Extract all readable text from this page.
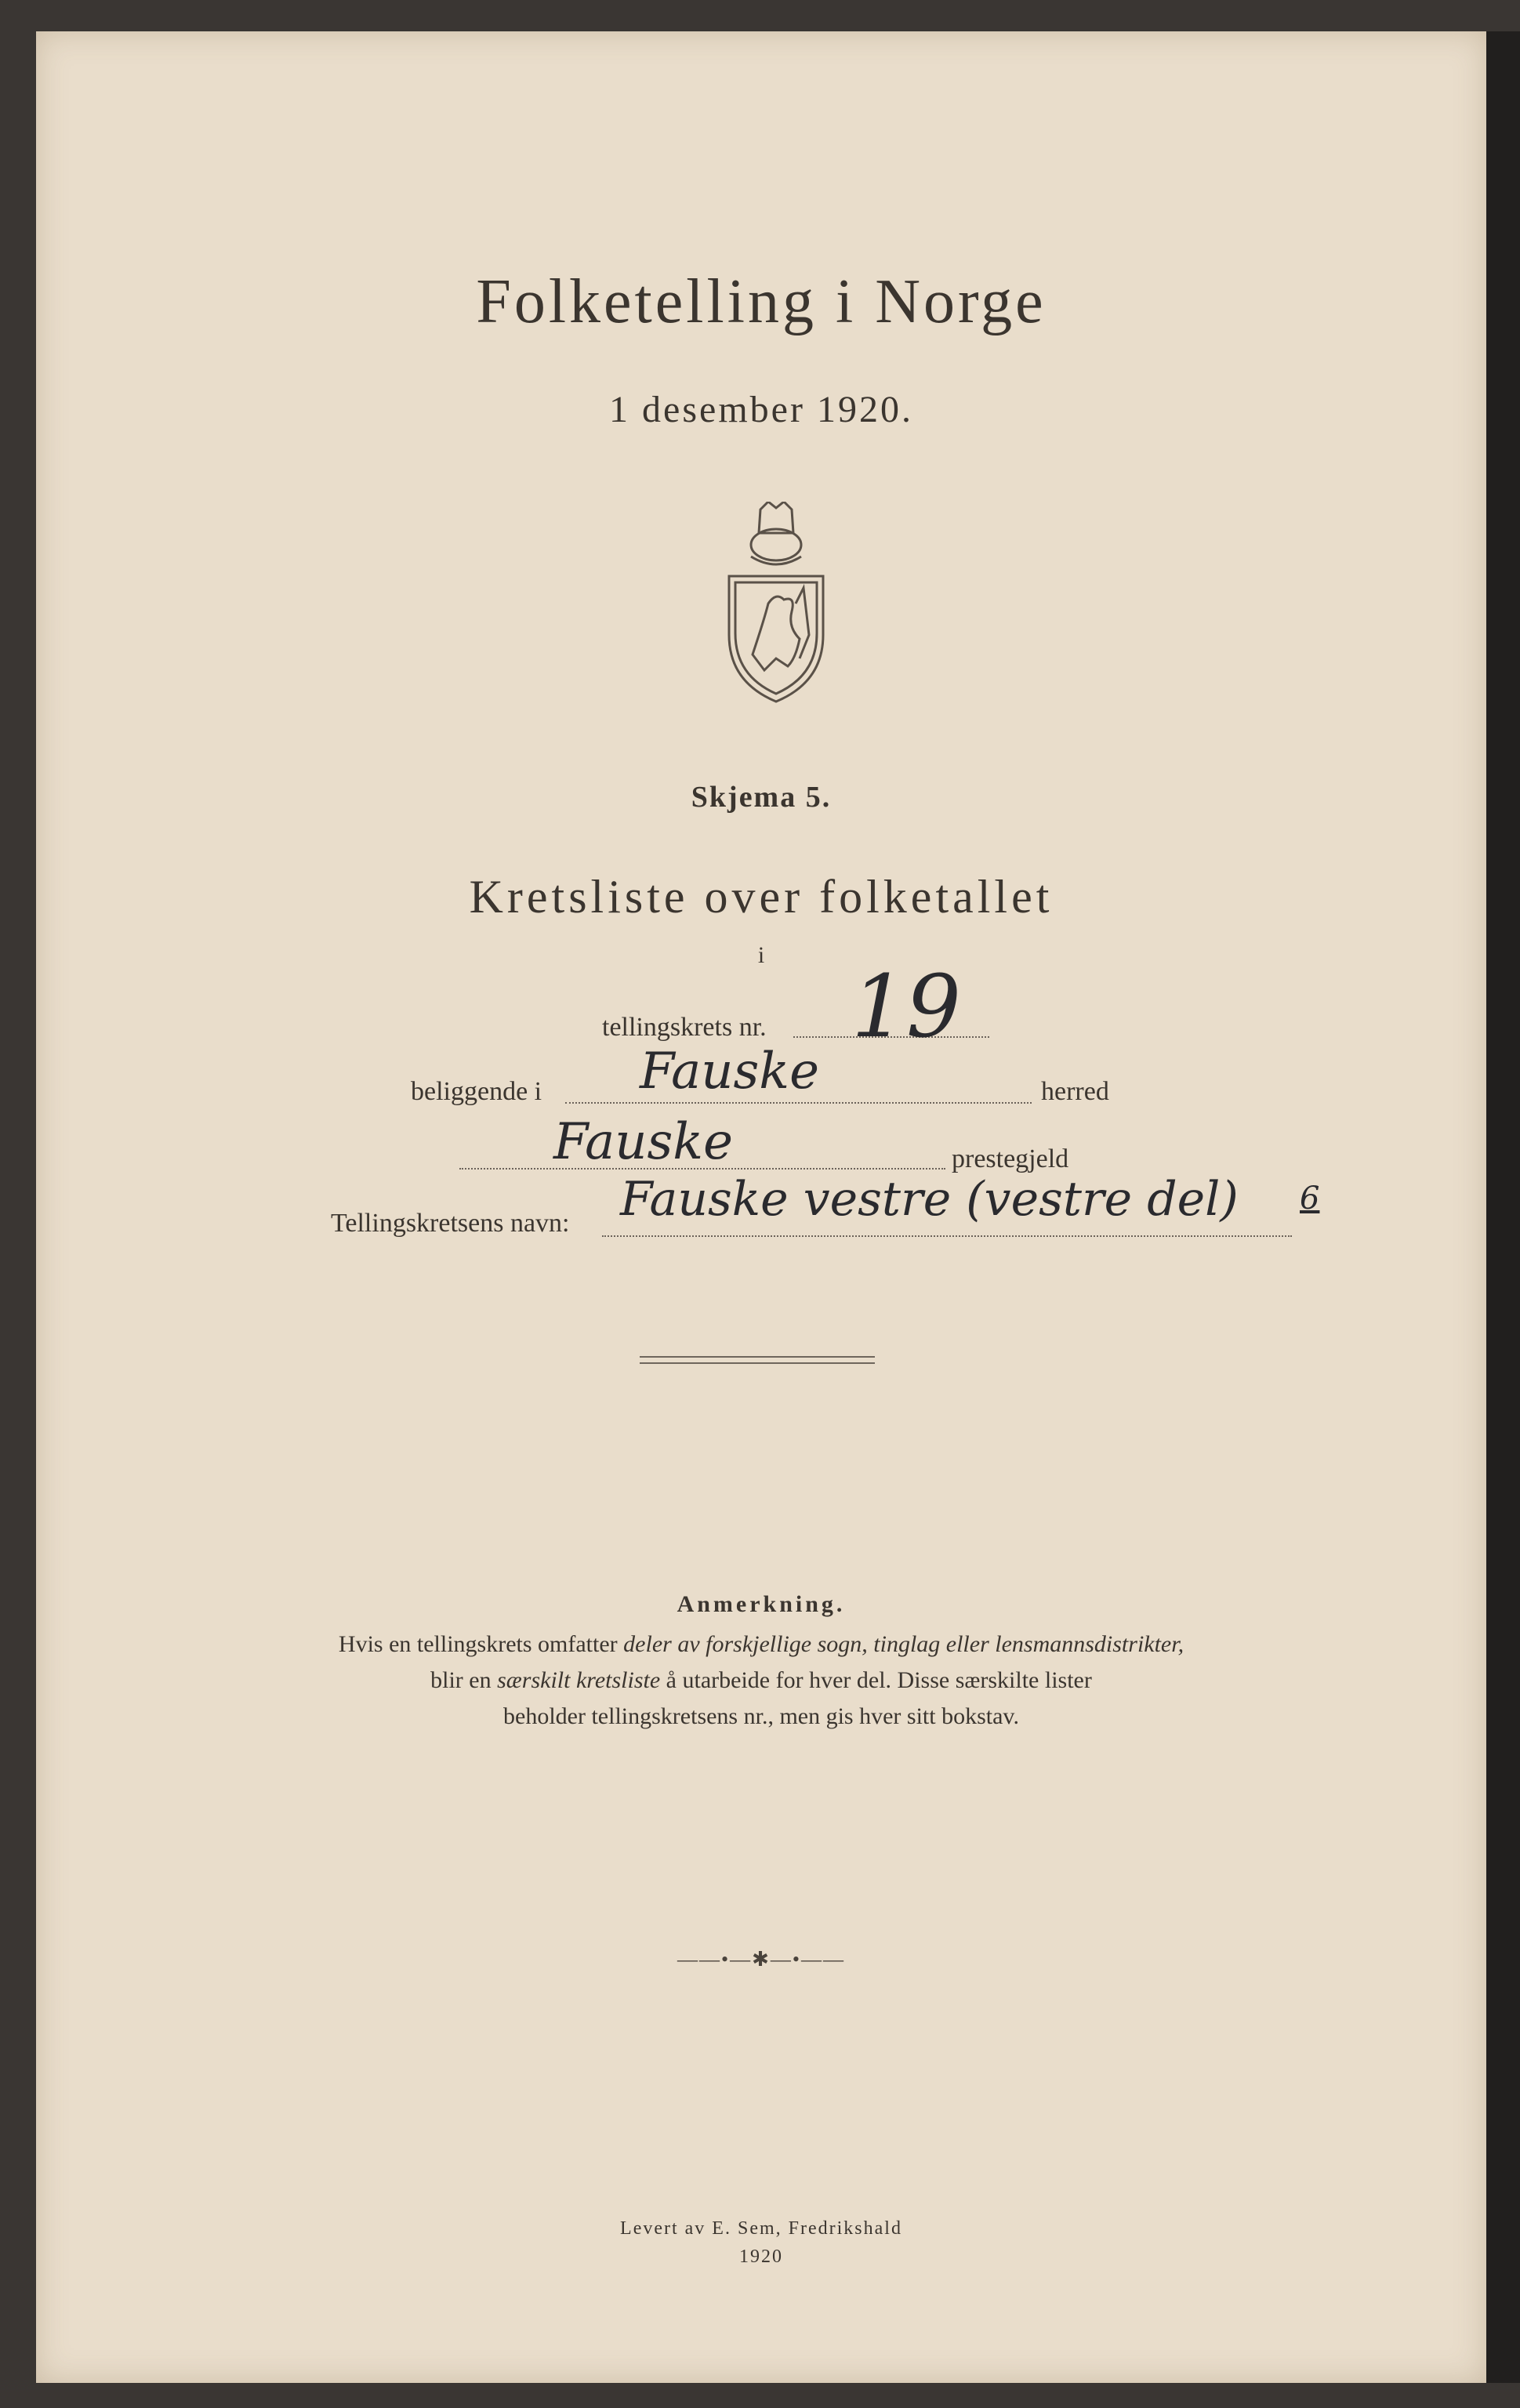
Folketelling i Norge
1 desember 1920.
Skjema 5.
Kretsliste over folketallet
i
tellingskrets nr. 19
beliggende i Fauske	herred
Fauske	prestegjeld
Tellingskretsens navn: Fauske vestre (vestre del) 6
Anmerkning.
Hvis en tellingskrets omfatter deler av forskjellige sogn, tinglag eller lensmannsdistrikter,
blir en særskilt kretsliste å utarbeide for hver del. Disse særskilte lister
beholder tellingskretsens nr., men gis hver sitt bokstav.
——•—✱—•——
Levert av E. Sem, Fredrikshald
1920
